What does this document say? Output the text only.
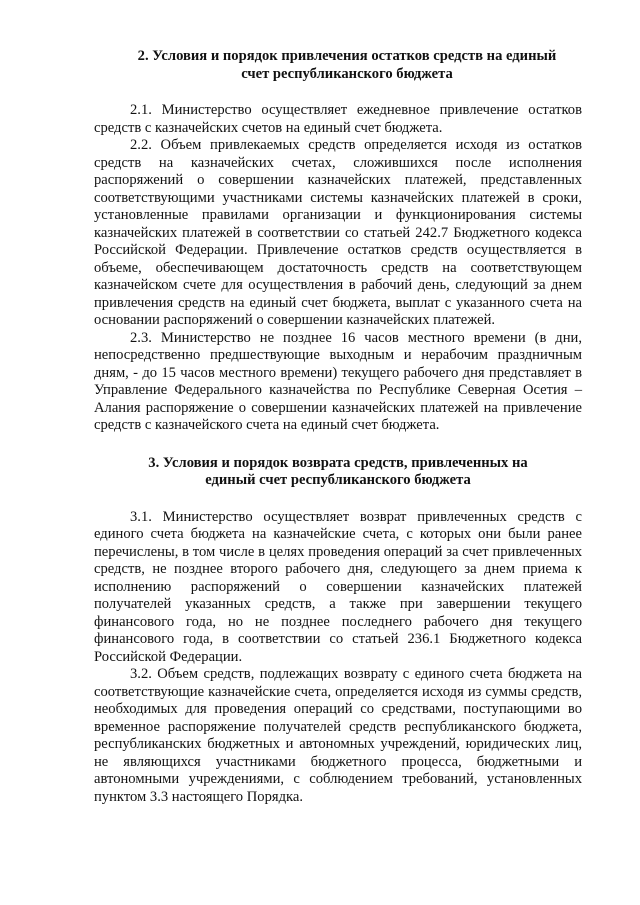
2. Условия и порядок привлечения остатков средств на единый
счет республиканского бюджета

2.1. Министерство осуществляет ежедневное привлечение остатков средств с казначейских счетов на единый счет бюджета.

2.2. Объем привлекаемых средств определяется исходя из остатков средств на казначейских счетах, сложившихся после исполнения распоряжений о совершении казначейских платежей, представленных соответствующими участниками системы казначейских платежей в сроки, установленные правилами организации и функционирования системы казначейских платежей в соответствии со статьей 242.7 Бюджетного кодекса Российской Федерации. Привлечение остатков средств осуществляется в объеме, обеспечивающем достаточность средств на соответствующем казначейском счете для осуществления в рабочий день, следующий за днем привлечения средств на единый счет бюджета, выплат с указанного счета на основании распоряжений о совершении казначейских платежей.

2.3. Министерство не позднее 16 часов местного времени (в дни, непосредственно предшествующие выходным и нерабочим праздничным дням, - до 15 часов местного времени) текущего рабочего дня представляет в Управление Федерального казначейства по Республике Северная Осетия – Алания распоряжение о совершении казначейских платежей на привлечение средств с казначейского счета на единый счет бюджета.

3. Условия и порядок возврата средств, привлеченных на
единый счет республиканского бюджета

3.1. Министерство осуществляет возврат привлеченных средств с единого счета бюджета на казначейские счета, с которых они были ранее перечислены, в том числе в целях проведения операций за счет привлеченных средств, не позднее второго рабочего дня, следующего за днем приема к исполнению распоряжений о совершении казначейских платежей получателей указанных средств, а также при завершении текущего финансового года, но не позднее последнего рабочего дня текущего финансового года, в соответствии со статьей 236.1 Бюджетного кодекса Российской Федерации.

3.2. Объем средств, подлежащих возврату с единого счета бюджета на соответствующие казначейские счета, определяется исходя из суммы средств, необходимых для проведения операций со средствами, поступающими во временное распоряжение получателей средств республиканского бюджета, республиканских бюджетных и автономных учреждений, юридических лиц, не являющихся участниками бюджетного процесса, бюджетными и автономными учреждениями, с соблюдением требований, установленных пунктом 3.3 настоящего Порядка.
